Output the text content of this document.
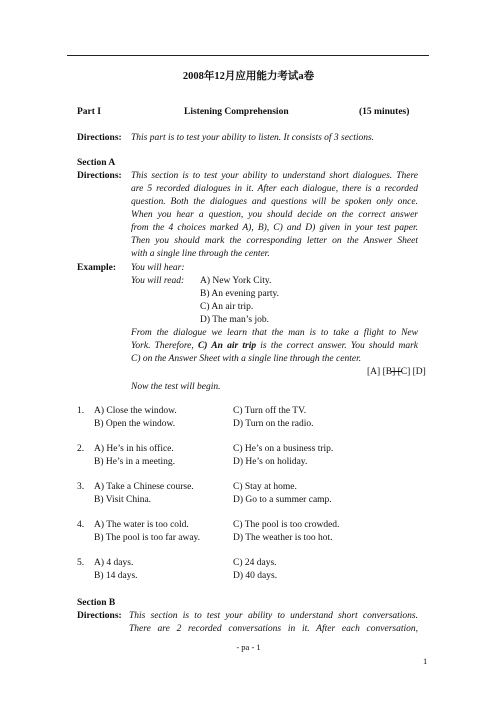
2008年12月应用能力考试a卷
Part I	Listening Comprehension	(15 minutes)
Directions: This part is to test your ability to listen. It consists of 3 sections.
Section A
Directions: This section is to test your ability to understand short dialogues. There
are 5 recorded dialogues in it. After each dialogue, there is a recorded
question. Both the dialogues and questions will be spoken only once.
When you hear a question, you should decide on the correct answer
from the 4 choices marked A), B), C) and D) given in your test paper.
Then you should mark the corresponding letter on the Answer Sheet
with a single line through the center.
Example: You will hear:
You will read: A) New York City.
B) An evening party.
C) An air trip.
D) The man’s job.
From the dialogue we learn that the man is to take a flight to New
York. Therefore, C) An air trip is the correct answer. You should mark
C) on the Answer Sheet with a single line through the center.
[A] [B] [C] [D]
Now the test will begin.
1. A) Close the window.	C) Turn off the TV.
B) Open the window.	D) Turn on the radio.
2. A) He’s in his office.	C) He’s on a business trip.
B) He’s in a meeting.	D) He’s on holiday.
3. A) Take a Chinese course.	C) Stay at home.
B) Visit China.	D) Go to a summer camp.
4. A) The water is too cold.	C) The pool is too crowded.
B) The pool is too far away.	D) The weather is too hot.
5. A) 4 days.	C) 24 days.
B) 14 days.	D) 40 days.
Section B
Directions: This section is to test your ability to understand short conversations.
There are 2 recorded conversations in it. After each conversation,
- pa - 1
1
